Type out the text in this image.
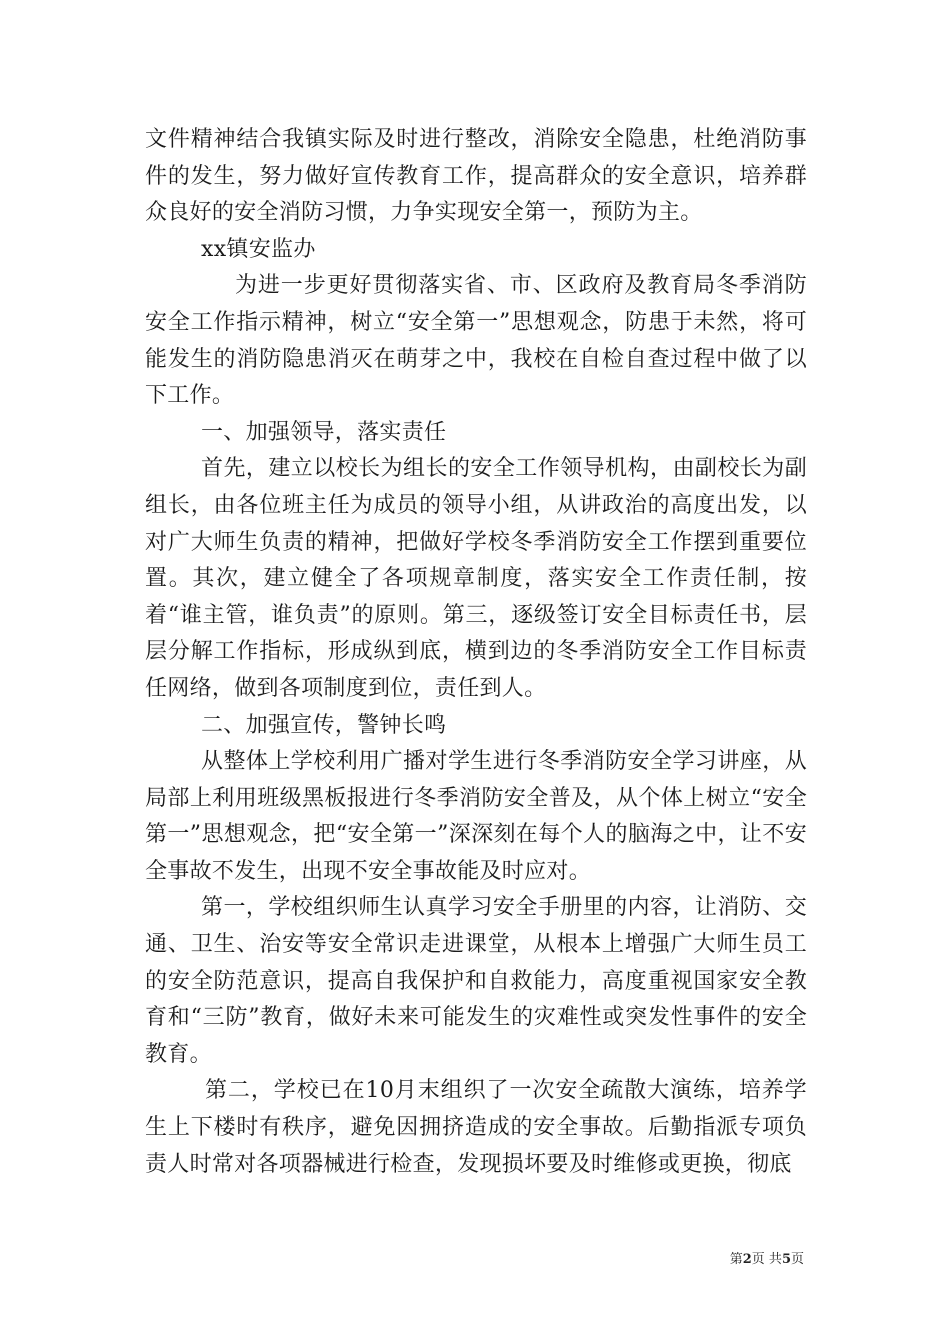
文件精神结合我镇实际及时进行整改，消除安全隐患，杜绝消防事件的发生，努力做好宣传教育工作，提高群众的安全意识，培养群众良好的安全消防习惯，力争实现安全第一，预防为主。

xx镇安监办

为进一步更好贯彻落实省、市、区政府及教育局冬季消防安全工作指示精神，树立“安全第一”思想观念，防患于未然，将可能发生的消防隐患消灭在萌芽之中，我校在自检自查过程中做了以下工作。

一、加强领导，落实责任

首先，建立以校长为组长的安全工作领导机构，由副校长为副组长，由各位班主任为成员的领导小组，从讲政治的高度出发，以对广大师生负责的精神，把做好学校冬季消防安全工作摆到重要位置。其次，建立健全了各项规章制度，落实安全工作责任制，按着“谁主管，谁负责”的原则。第三，逐级签订安全目标责任书，层层分解工作指标，形成纵到底，横到边的冬季消防安全工作目标责任网络，做到各项制度到位，责任到人。

二、加强宣传，警钟长鸣

从整体上学校利用广播对学生进行冬季消防安全学习讲座，从局部上利用班级黑板报进行冬季消防安全普及，从个体上树立“安全第一”思想观念，把“安全第一”深深刻在每个人的脑海之中，让不安全事故不发生，出现不安全事故能及时应对。

第一，学校组织师生认真学习安全手册里的内容，让消防、交通、卫生、治安等安全常识走进课堂，从根本上增强广大师生员工的安全防范意识，提高自我保护和自救能力，高度重视国家安全教育和“三防”教育，做好未来可能发生的灾难性或突发性事件的安全教育。

第二，学校已在10月末组织了一次安全疏散大演练，培养学生上下楼时有秩序，避免因拥挤造成的安全事故。后勤指派专项负责人时常对各项器械进行检查，发现损坏要及时维修或更换，彻底

第2页 共5页
